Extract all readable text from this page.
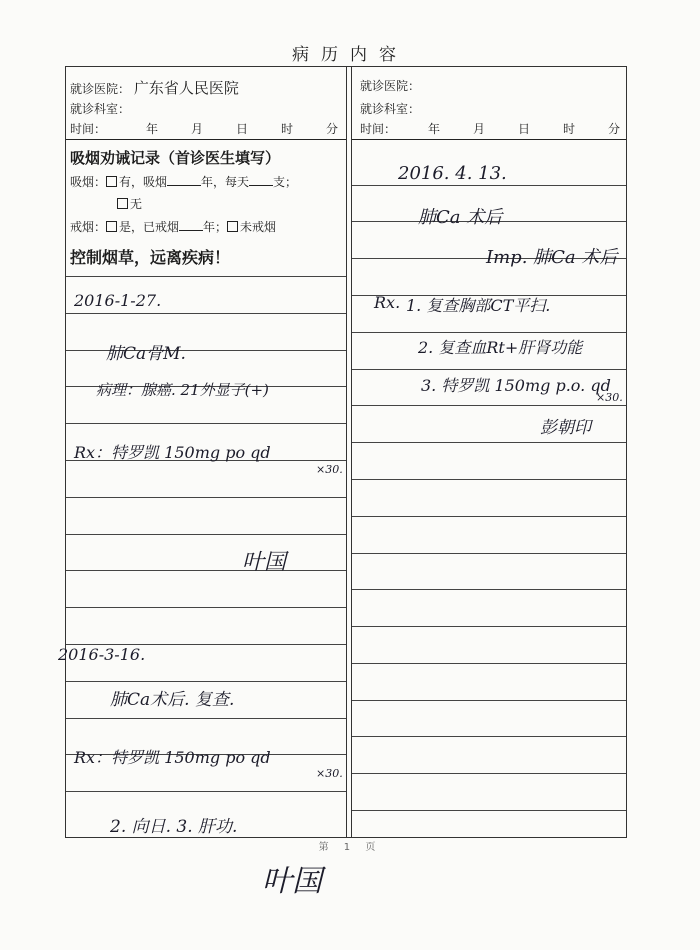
病历内容
就诊医院： 广东省人民医院
就诊科室：
时间：	年	月	日	时	分
就诊医院：
就诊科室：
时间：	年	月	日	时	分
吸烟劝诫记录（首诊医生填写）
吸烟： 有，吸烟	年，每天 支；
无
戒烟： 是，已戒烟 年； 未戒烟
控制烟草，远离疾病！
2016-1-27.
肺Ca骨M.
病理：腺癌. 21外显子(+)
Rx：特罗凯 150mg po qd
×30.
叶国
2016-3-16.
肺Ca术后. 复查.
Rx：特罗凯 150mg po qd
×30.
2. 向日. 3. 肝功.
2016. 4. 13.
肺Ca 术后
Imp. 肺Ca 术后
Rx. 1. 复查胸部CT平扫.
2. 复查血Rt+肝肾功能
3. 特罗凯 150mg p.o. qd
×30.
彭朝印
第 1 页
叶国
